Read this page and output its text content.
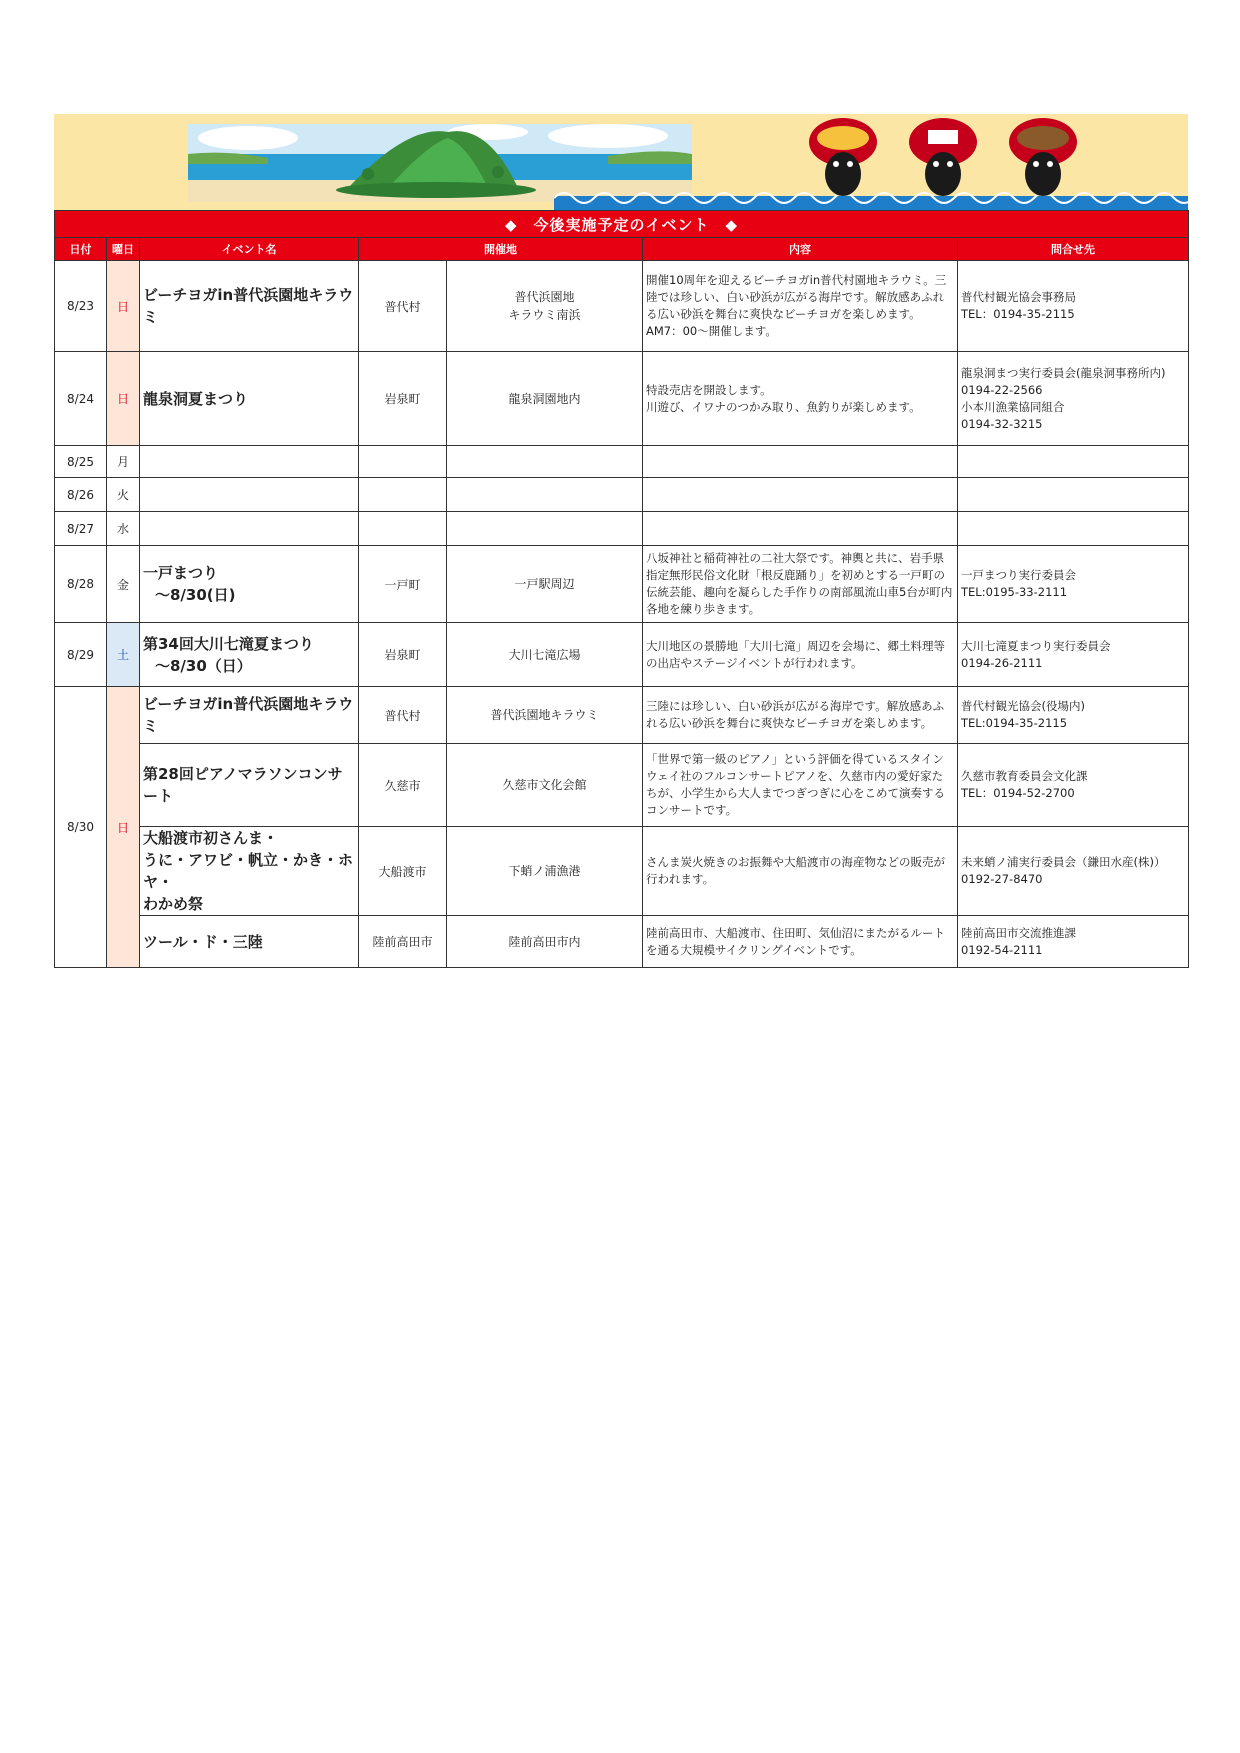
◆　今後実施予定のイベント　◆						
日付	曜日	イベント名	開催地		内容	問合せ先
8/23	日	ビーチヨガin普代浜園地キラウミ	普代村	普代浜園地
キラウミ南浜	開催10周年を迎えるビーチヨガin普代村園地キラウミ。三陸では珍しい、白い砂浜が広がる海岸です。解放感あふれる広い砂浜を舞台に爽快なビーチヨガを楽しめます。AM7：00～開催します。	普代村観光協会事務局
TEL：0194-35-2115

8/24	日	龍泉洞夏まつり	岩泉町	龍泉洞園地内	特設売店を開設します。
川遊び、イワナのつかみ取り、魚釣りが楽しめます。	龍泉洞まつ実行委員会(龍泉洞事務所内)
0194-22-2566
小本川漁業協同組合
0194-32-3215

8/25	月					
8/26	火					
8/27	水					
8/28	金	一戸まつり
～8/30(日)	一戸町	一戸駅周辺	八坂神社と稲荷神社の二社大祭です。神輿と共に、岩手県指定無形民俗文化財「根反鹿踊り」を初めとする一戸町の伝統芸能、趣向を凝らした手作りの南部風流山車5台が町内各地を練り歩きます。	一戸まつり実行委員会
TEL:0195-33-2111

8/29	土	第34回大川七滝夏まつり
～8/30（日）	岩泉町	大川七滝広場	大川地区の景勝地「大川七滝」周辺を会場に、郷土料理等の出店やステージイベントが行われます。	大川七滝夏まつり実行委員会
0194-26-2111

8/30	日	ビーチヨガin普代浜園地キラウミ	普代村	普代浜園地キラウミ	三陸には珍しい、白い砂浜が広がる海岸です。解放感あふれる広い砂浜を舞台に爽快なビーチヨガを楽しめます。	普代村観光協会(役場内)
TEL:0194-35-2115

		第28回ピアノマラソンコンサート	久慈市	久慈市文化会館	「世界で第一級のピアノ」という評価を得ているスタインウェイ社のフルコンサートピアノを、久慈市内の愛好家たちが、小学生から大人までつぎつぎに心をこめて演奏するコンサートです。	久慈市教育委員会文化課
TEL：0194-52-2700

		大船渡市初さんま・
うに・アワビ・帆立・かき・ホヤ・
わかめ祭	大船渡市	下蛸ノ浦漁港	さんま炭火焼きのお振舞や大船渡市の海産物などの販売が行われます。	未来蛸ノ浦実行委員会（鎌田水産(株)）
0192-27-8470

		ツール・ド・三陸	陸前高田市	陸前高田市内	陸前高田市、大船渡市、住田町、気仙沼にまたがるルートを通る大規模サイクリングイベントです。	陸前高田市交流推進課
0192-54-2111
